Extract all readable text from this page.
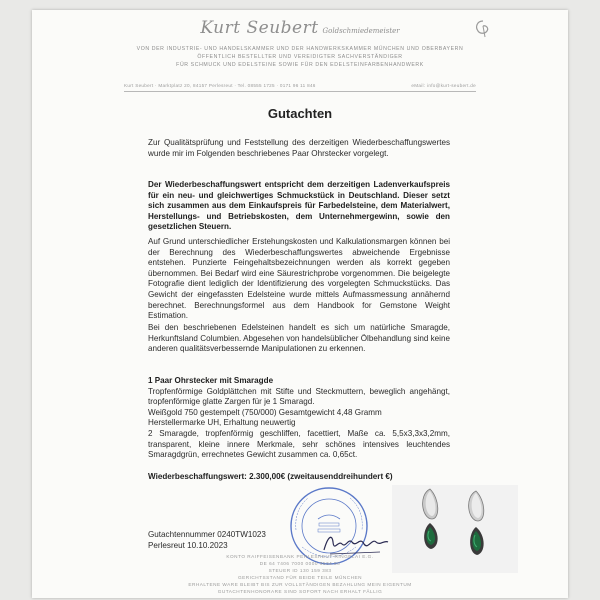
Kurt Seubert Goldschmiedemeister
VON DER INDUSTRIE- UND HANDELSKAMMER UND DER HANDWERKSKAMMER MÜNCHEN UND OBERBAYERN
ÖFFENTLICH BESTELLTER UND VEREIDIGTER SACHVERSTÄNDIGER
FÜR SCHMUCK UND EDELSTEINE SOWIE FÜR DEN EDELSTEINFARBENHANDWERK
Kurt Seubert · Marktplatz 20, 84157 Perlesreut · Tel. 08555 1725 · 0171 96 11 846	eMail: info@kurt-seubert.de
Gutachten

Zur Qualitätsprüfung und Feststellung des derzeitigen Wiederbeschaffungswertes wurde mir im Folgenden beschriebenes Paar Ohrstecker vorgelegt.

Der Wiederbeschaffungswert entspricht dem derzeitigen Ladenverkaufspreis für ein neu- und gleichwertiges Schmuckstück in Deutschland. Dieser setzt sich zusammen aus dem Einkaufspreis für Farbedelsteine, dem Materialwert, Herstellungs- und Betriebskosten, dem Unternehmergewinn, sowie den gesetzlichen Steuern.

Auf Grund unterschiedlicher Erstehungskosten und Kalkulationsmargen können bei der Berechnung des Wiederbeschaffungswertes abweichende Ergebnisse entstehen. Punzierte Feingehaltsbezeichnungen werden als korrekt gegeben übernommen. Bei Bedarf wird eine Säurestrichprobe vorgenommen. Die beigelegte Fotografie dient lediglich der Identifizierung des vorgelegten Schmuckstücks. Das Gewicht der eingefassten Edelsteine wurde mittels Aufmassmessung annähernd berechnet. Berechnungsformel aus dem Handbook for Gemstone Weight Estimation.

Bei den beschriebenen Edelsteinen handelt es sich um natürliche Smaragde, Herkunftsland Columbien. Abgesehen von handelsüblicher Ölbehandlung sind keine anderen qualitätsverbessernde Manipulationen zu erkennen.

1 Paar Ohrstecker mit Smaragde

Tropfenförmige Goldplättchen mit Stifte und Steckmuttern, beweglich angehängt, tropfenförmige glatte Zargen für je 1 Smaragd.

Weißgold 750 gestempelt (750/000) Gesamtgewicht 4,48 Gramm

Herstellermarke UH, Erhaltung neuwertig

2 Smaragde, tropfenförmig geschliffen, facettiert, Maße ca. 5,5x3,3x3,2mm, transparent, kleine innere Merkmale, sehr schönes intensives leuchtendes Smaragdgrün, errechnetes Gewicht zusammen ca. 0,65ct.

Wiederbeschaffungswert: 2.300,00€ (zweitausenddreihundert €)
Gutachtennummer 0240TW1023
Perlesreut 10.10.2023
KONTO RAIFFEISENBANK PERLESREUT-RINGELAI E.G.
DE 64 7406 7000 0000 3534 50
STEUER ID 130 159 383
GERICHTSSTAND FÜR BEIDE TEILE MÜNCHEN
ERHALTENE WARE BLEIBT BIS ZUR VOLLSTÄNDIGEN BEZAHLUNG MEIN EIGENTUM
GUTACHTENHONORARE SIND SOFORT NACH ERHALT FÄLLIG
